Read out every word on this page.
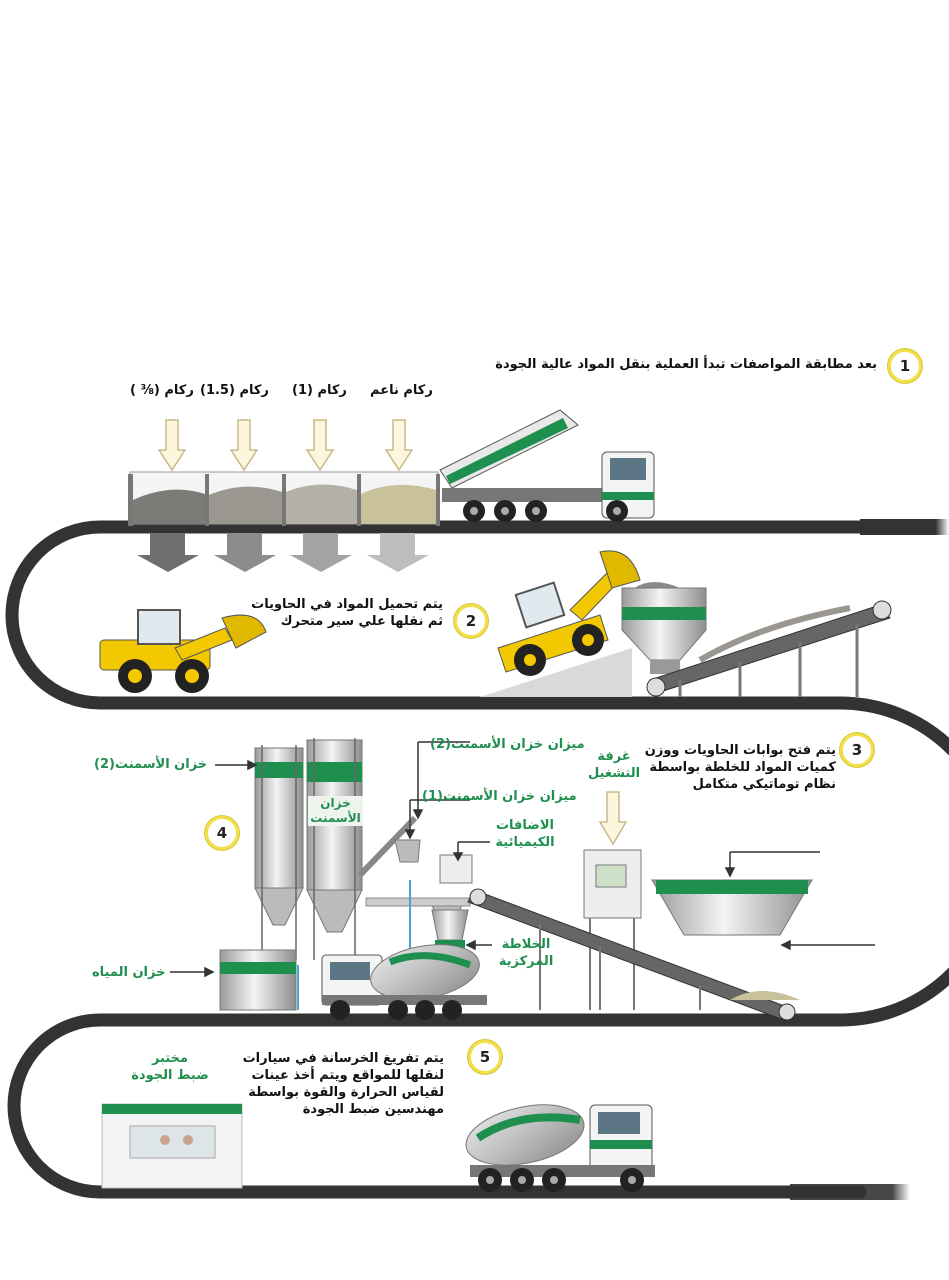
1
2
3
4
5
بعد مطابقة المواصفات تبدأ العملية بنقل المواد عالية الجودة
يتم تحميل المواد في الحاويات
ثم نقلها علي سير متحرك
يتم فتح بوابات الحاويات ووزن
كميات المواد للخلطة بواسطة
نظام توماتيكي متكامل
يتم تفريغ الخرسانة في سيارات
لنقلها للمواقع ويتم أخذ عينات
لقياس الحرارة والقوة بواسطة
مهندسين ضبط الجودة
ركام ناعم
ركام (1)
ركام (1.5)
ركام (⅜ )
خزان الأسمنت(2)
ميزان خزان الأسمنت(2)
ميزان خزان الأسمنت(1)
خزان
الأسمنت	الاضافات
الكيميائية
غرفة
التشغيل
الخلاطة
المركزية
خزان المياه
مختبر
ضبط الجودة
